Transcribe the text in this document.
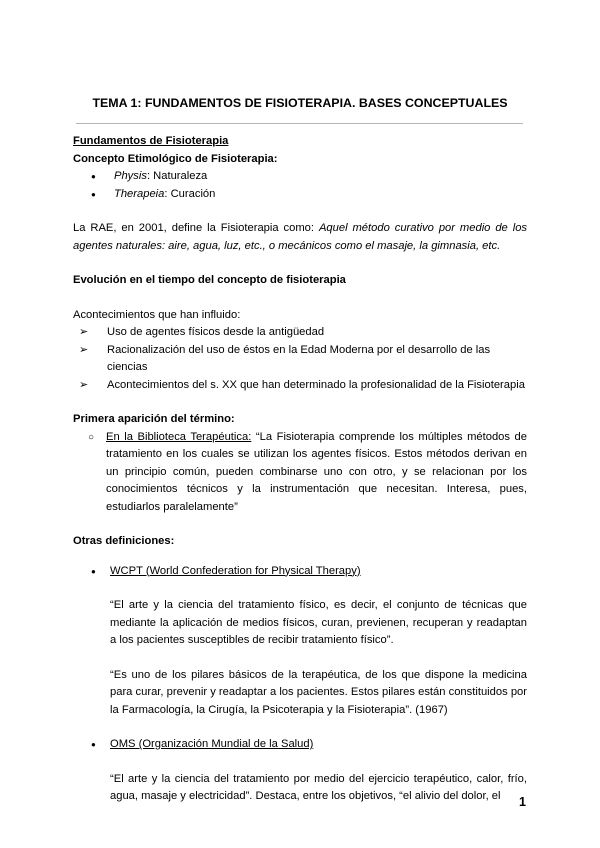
TEMA 1: FUNDAMENTOS DE FISIOTERAPIA. BASES CONCEPTUALES

Fundamentos de Fisioterapia

Concepto Etimológico de Fisioterapia:

● Physis: Naturaleza
● Therapeia: Curación

La RAE, en 2001, define la Fisioterapia como: Aquel método curativo por medio de los agentes naturales: aire, agua, luz, etc., o mecánicos como el masaje, la gimnasia, etc.

Evolución en el tiempo del concepto de fisioterapia

Acontecimientos que han influido:

➢ Uso de agentes físicos desde la antigüedad
➢ Racionalización del uso de éstos en la Edad Moderna por el desarrollo de las ciencias
➢ Acontecimientos del s. XX que han determinado la profesionalidad de la Fisioterapia

Primera aparición del término:

○ En la Biblioteca Terapéutica: “La Fisioterapia comprende los múltiples métodos de tratamiento en los cuales se utilizan los agentes físicos. Estos métodos derivan en un principio común, pueden combinarse uno con otro, y se relacionan por los conocimientos técnicos y la instrumentación que necesitan. Interesa, pues, estudiarlos paralelamente”

Otras definiciones:

● WCPT (World Confederation for Physical Therapy)

“El arte y la ciencia del tratamiento físico, es decir, el conjunto de técnicas que mediante la aplicación de medios físicos, curan, previenen, recuperan y readaptan a los pacientes susceptibles de recibir tratamiento físico”.

“Es uno de los pilares básicos de la terapéutica, de los que dispone la medicina para curar, prevenir y readaptar a los pacientes. Estos pilares están constituidos por la Farmacología, la Cirugía, la Psicoterapia y la Fisioterapia”. (1967)

● OMS (Organización Mundial de la Salud)

“El arte y la ciencia del tratamiento por medio del ejercicio terapéutico, calor, frío, agua, masaje y electricidad”. Destaca, entre los objetivos, “el alivio del dolor, el	1
